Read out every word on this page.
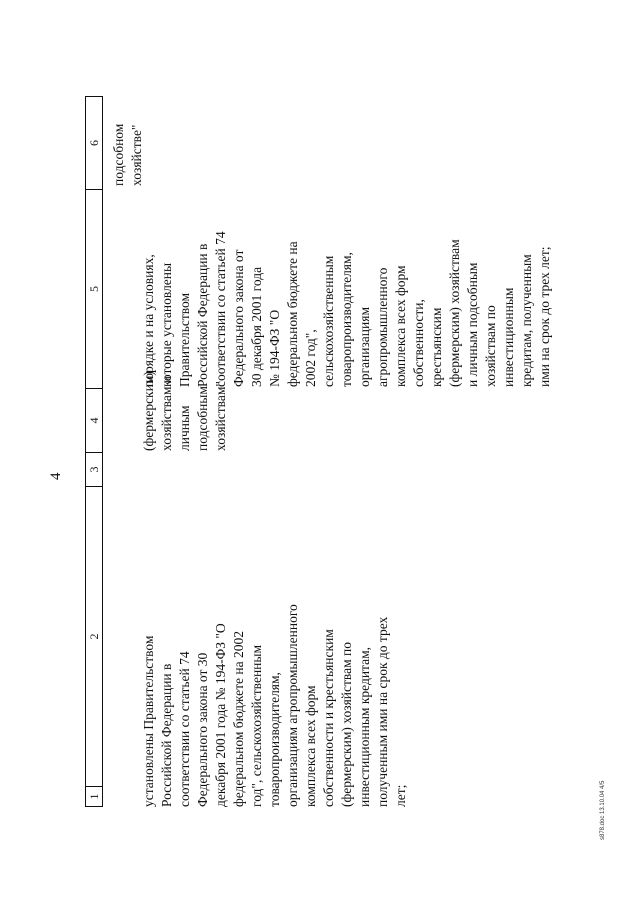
4
1
2
3
4
5
6
установлены Правительством Российской Федерации в соответствии со статьей 74 Федерального закона от 30 декабря 2001 года № 194-ФЗ "О федеральном бюджете на 2002 год", сельскохозяйственным товаропроизводителям, организациям агропромышленного комплекса всех форм собственности и крестьянским (фермерским) хозяйствам по инвестиционным кредитам, полученным ими на срок до трех лет;
(фермерским) хозяйствам и личным подсобным хозяйствам"
порядке и на условиях, которые установлены Правительством Российской Федерации в соответствии со статьей 74 Федерального закона от 30 декабря 2001 года № 194-ФЗ "О федеральном бюджете на 2002 год", сельскохозяйственным товаропроизводителям, организациям агропромышленного комплекса всех форм собственности, крестьянским (фермерским) хозяйствам и личным подсобным хозяйствам по инвестиционным кредитам, полученным ими на срок до трех лет;
подсобном хозяйстве"
s878.doc 13.10.04 4/5
